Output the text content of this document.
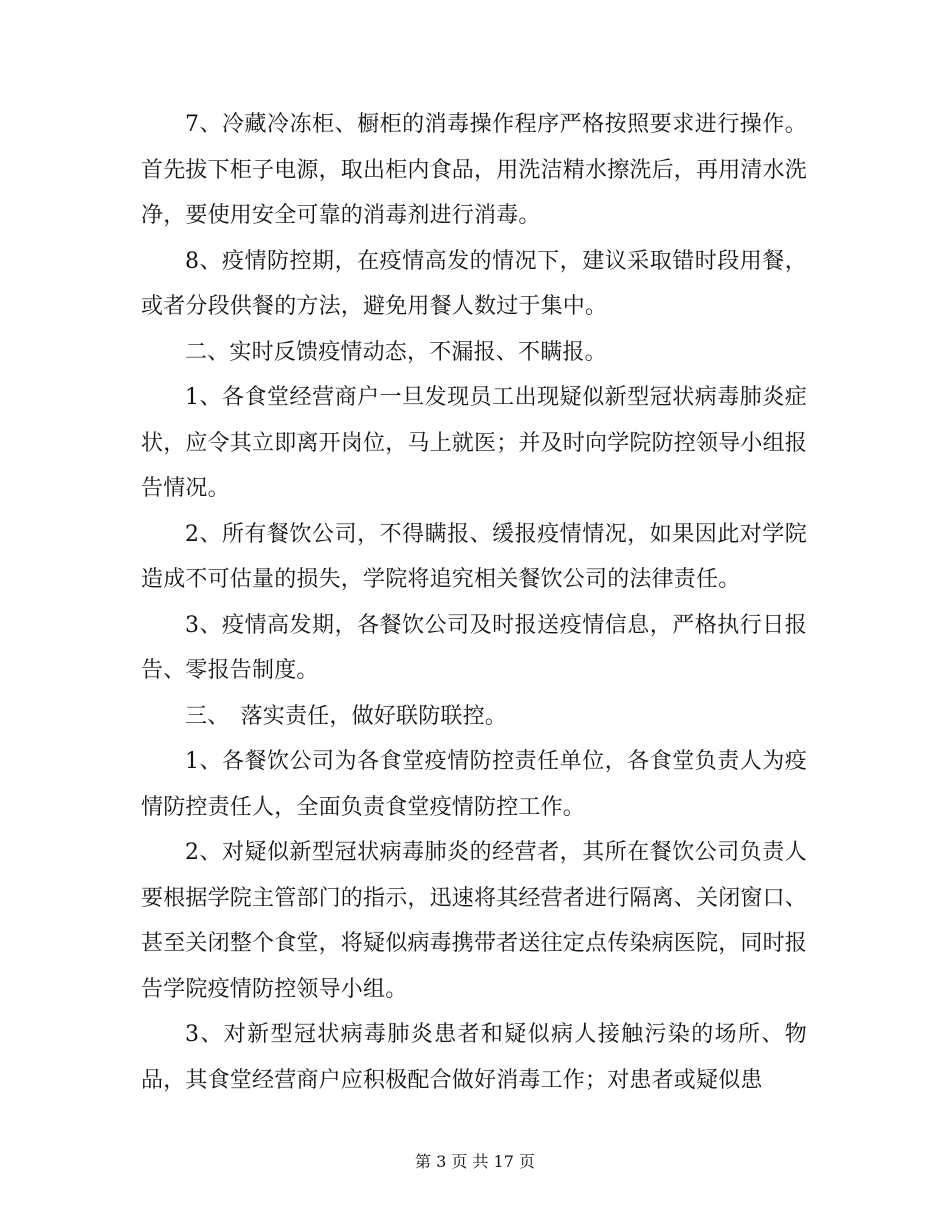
7、冷藏冷冻柜、橱柜的消毒操作程序严格按照要求进行操作。首先拔下柜子电源，取出柜内食品，用洗洁精水擦洗后，再用清水洗净，要使用安全可靠的消毒剂进行消毒。

8、疫情防控期，在疫情高发的情况下，建议采取错时段用餐，或者分段供餐的方法，避免用餐人数过于集中。

二、实时反馈疫情动态，不漏报、不瞒报。

1、各食堂经营商户一旦发现员工出现疑似新型冠状病毒肺炎症状，应令其立即离开岗位，马上就医；并及时向学院防控领导小组报告情况。

2、所有餐饮公司，不得瞒报、缓报疫情情况，如果因此对学院造成不可估量的损失，学院将追究相关餐饮公司的法律责任。

3、疫情高发期，各餐饮公司及时报送疫情信息，严格执行日报告、零报告制度。

三、　落实责任，做好联防联控。

1、各餐饮公司为各食堂疫情防控责任单位，各食堂负责人为疫情防控责任人，全面负责食堂疫情防控工作。

2、对疑似新型冠状病毒肺炎的经营者，其所在餐饮公司负责人要根据学院主管部门的指示，迅速将其经营者进行隔离、关闭窗口、甚至关闭整个食堂，将疑似病毒携带者送往定点传染病医院，同时报告学院疫情防控领导小组。

3、对新型冠状病毒肺炎患者和疑似病人接触污染的场所、物品，其食堂经营商户应积极配合做好消毒工作；对患者或疑似患

第 3 页 共 17 页
